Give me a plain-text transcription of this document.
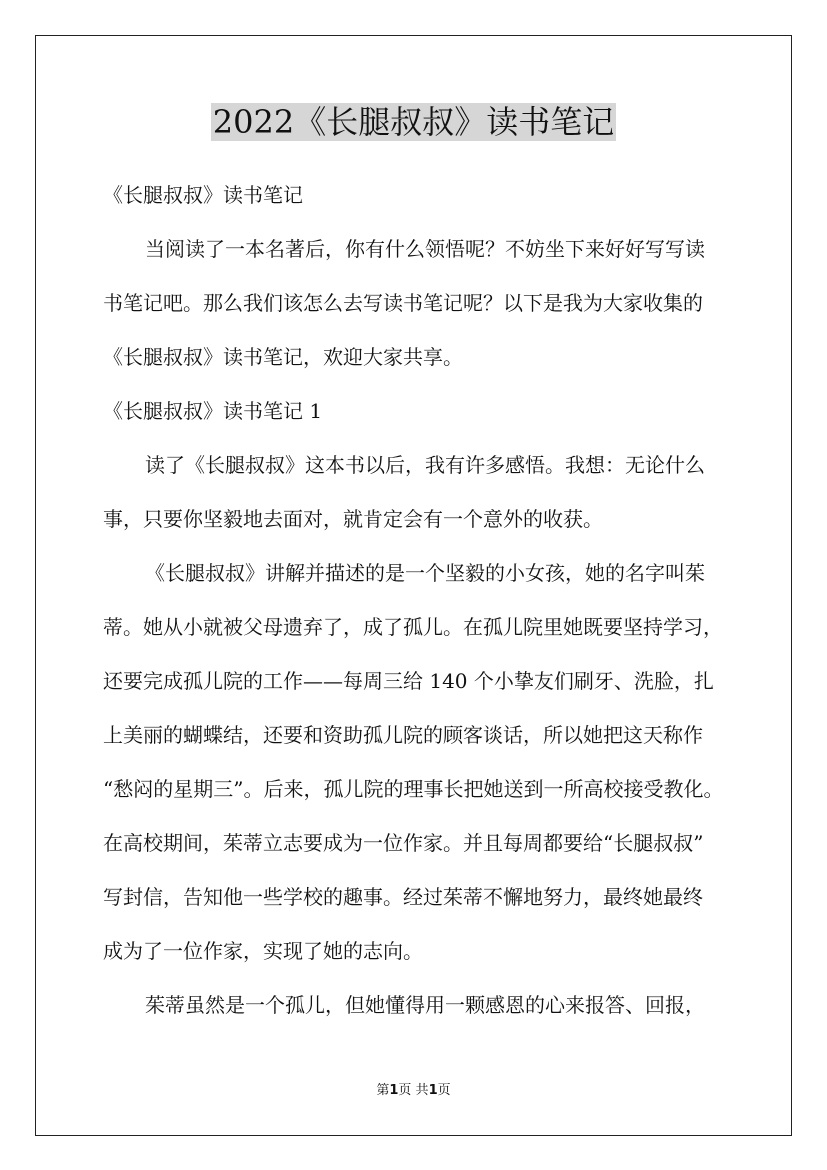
2022《长腿叔叔》读书笔记
《长腿叔叔》读书笔记
当阅读了一本名著后，你有什么领悟呢？不妨坐下来好好写写读
书笔记吧。那么我们该怎么去写读书笔记呢？以下是我为大家收集的
《长腿叔叔》读书笔记，欢迎大家共享。
《长腿叔叔》读书笔记 1
读了《长腿叔叔》这本书以后，我有许多感悟。我想：无论什么
事，只要你坚毅地去面对，就肯定会有一个意外的收获。
《长腿叔叔》讲解并描述的是一个坚毅的小女孩，她的名字叫茱
蒂。她从小就被父母遗弃了，成了孤儿。在孤儿院里她既要坚持学习，
还要完成孤儿院的工作——每周三给 140 个小挚友们刷牙、洗脸，扎
上美丽的蝴蝶结，还要和资助孤儿院的顾客谈话，所以她把这天称作
“愁闷的星期三”。后来，孤儿院的理事长把她送到一所高校接受教化。
在高校期间，茱蒂立志要成为一位作家。并且每周都要给“长腿叔叔”
写封信，告知他一些学校的趣事。经过茱蒂不懈地努力，最终她最终
成为了一位作家，实现了她的志向。
茱蒂虽然是一个孤儿，但她懂得用一颗感恩的心来报答、回报，
第1页 共1页
